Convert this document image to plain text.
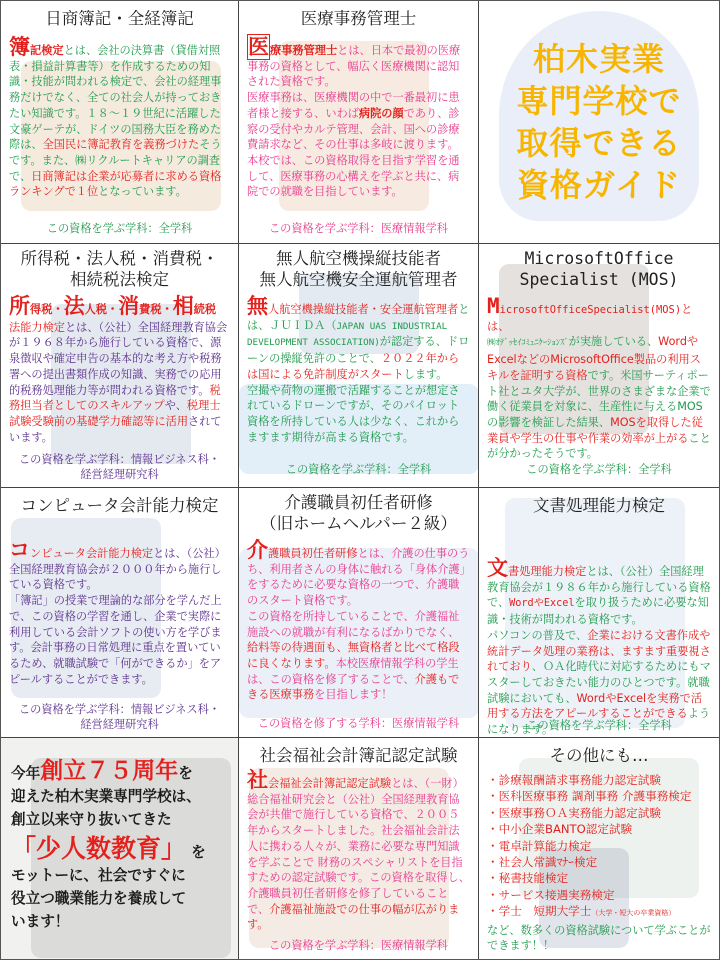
日商簿記・全経簿記
簿記検定とは、会社の決算書（貸借対照表・損益計算書等）を作成するための知識・技能が問われる検定で、会社の経理事務だけでなく、全ての社会人が持っておきたい知識です。１８～１９世紀に活躍した文豪ゲーテが、ドイツの国務大臣を務めた際は、全国民に簿記教育を義務づけたそうです。また、㈱リクルートキャリアの調査で、日商簿記は企業が応募者に求める資格ランキングで１位となっています。
この資格を学ぶ学科：全学科
医療事務管理士
医療事務管理士とは、日本で最初の医療事務の資格として、幅広く医療機関に認知された資格です。
医療事務は、医療機関の中で一番最初に患者様と接する、いわば病院の顔であり、診察の受付やカルテ管理、会計、国への診療費請求など、その仕事は多岐に渡ります。
本校では、この資格取得を目指す学習を通して、医療事務の心構えを学ぶと共に、病院での就職を目指しています。
この資格を学ぶ学科：医療情報学科
柏木実業
専門学校で
取得できる
資格ガイド
所得税・法人税・消費税・
相続税法検定
所得税・法人税・消費税・相続税
法能力検定とは、（公社）全国経理教育協会が１９６８年から施行している資格で、源泉徴収や確定申告の基本的な考え方や税務署への提出書類作成の知識、実務での応用的税務処理能力等が問われる資格です。税務担当者としてのスキルアップや、税理士試験受験前の基礎学力確認等に活用されています。
この資格を学ぶ学科：情報ビジネス科・
経営経理研究科
無人航空機操縦技能者
無人航空機安全運航管理者
無人航空機操縦技能者・安全運航管理者とは、ＪＵＩＤＡ（JAPAN UAS INDUSTRIAL DEVELOPMENT ASSOCIATION)が認定する、ドローンの操縦免許のことで、２０２２年からは国による免許制度がスタートします。
空撮や荷物の運搬で活躍することが想定されているドローンですが、そのパイロット資格を所持している人は少なく、これからますます期待が高まる資格です。
この資格を学ぶ学科：全学科
MicrosoftOffice
Specialist (MOS)
MicrosoftOfficeSpecialist(MOS)とは、
㈱ｵﾃﾞｯｾｲｺﾐｭﾆｹｰｼｮﾝｽﾞが実施している、WordやExcelなどのMicrosoftOffice製品の利用スキルを証明する資格です。米国サーティポート社とユタ大学が、世界のさまざまな企業で働く従業員を対象に、生産性に与えるMOSの影響を検証した結果、MOSを取得した従業員や学生の仕事や作業の効率が上がることが分かったそうです。
この資格を学ぶ学科：全学科
コンピュータ会計能力検定
コンピュータ会計能力検定とは、（公社）全国経理教育協会が２０００年から施行している資格です。
「簿記」の授業で理論的な部分を学んだ上で、この資格の学習を通し、企業で実際に利用している会計ソフトの使い方を学びます。会計事務の日常処理に重点を置いているため、就職試験で「何ができるか」をアピールすることができます。
この資格を学ぶ学科：情報ビジネス科・
経営経理研究科
介護職員初任者研修
（旧ホームヘルパー２級）
介護職員初任者研修とは、介護の仕事のうち、利用者さんの身体に触れる「身体介護」をするために必要な資格の一つで、介護職のスタート資格です。
この資格を所持していることで、介護福祉施設への就職が有利になるばかりでなく、給料等の待遇面も、無資格者と比べて格段に良くなります。本校医療情報学科の学生は、この資格を修了することで、介護もできる医療事務を目指します！
この資格を修了する学科：医療情報学科
文書処理能力検定
文書処理能力検定とは、（公社）全国経理教育協会が１９８６年から施行している資格で、WordやExcelを取り扱うために必要な知識・技術が問われる資格です。
パソコンの普及で、企業における文書作成や統計データ処理の業務は、ますます重要視されており、ＯＡ化時代に対応するためにもマスターしておきたい能力のひとつです。就職試験においても、WordやExcelを実務で活用する方法をアピールすることができるようになります。
この資格を学ぶ学科：全学科
今年創立７５周年を
迎えた柏木実業専門学校は、
創立以来守り抜いてきた
「少人数教育」 を
モットーに、社会ですぐに
役立つ職業能力を養成して
います！
社会福祉会計簿記認定試験
社会福祉会計簿記認定試験とは、（一財）総合福祉研究会と（公社）全国経理教育協会が共催で施行している資格で、２００５年からスタートしました。社会福祉会計法人に携わる人々が、業務に必要な専門知識を学ぶことで 財務のスペシャリストを目指すための認定試験です。この資格を取得し、介護職員初任者研修を修了していることで、介護福祉施設での仕事の幅が広がります。
この資格を学ぶ学科：医療情報学科
その他にも…
・ 診療報酬請求事務能力認定試験
・ 医科医療事務 調剤事務 介護事務検定
・ 医療事務ＯＡ実務能力認定試験
・ 中小企業BANTO認定試験
・ 電卓計算能力検定
・ 社会人常識ﾏﾅｰ検定
・ 秘書技能検定
・ サービス接遇実務検定
・ 学士　短期大学士（大学・短大の卒業資格）
など、数多くの資格試験について学ぶことができます！！
